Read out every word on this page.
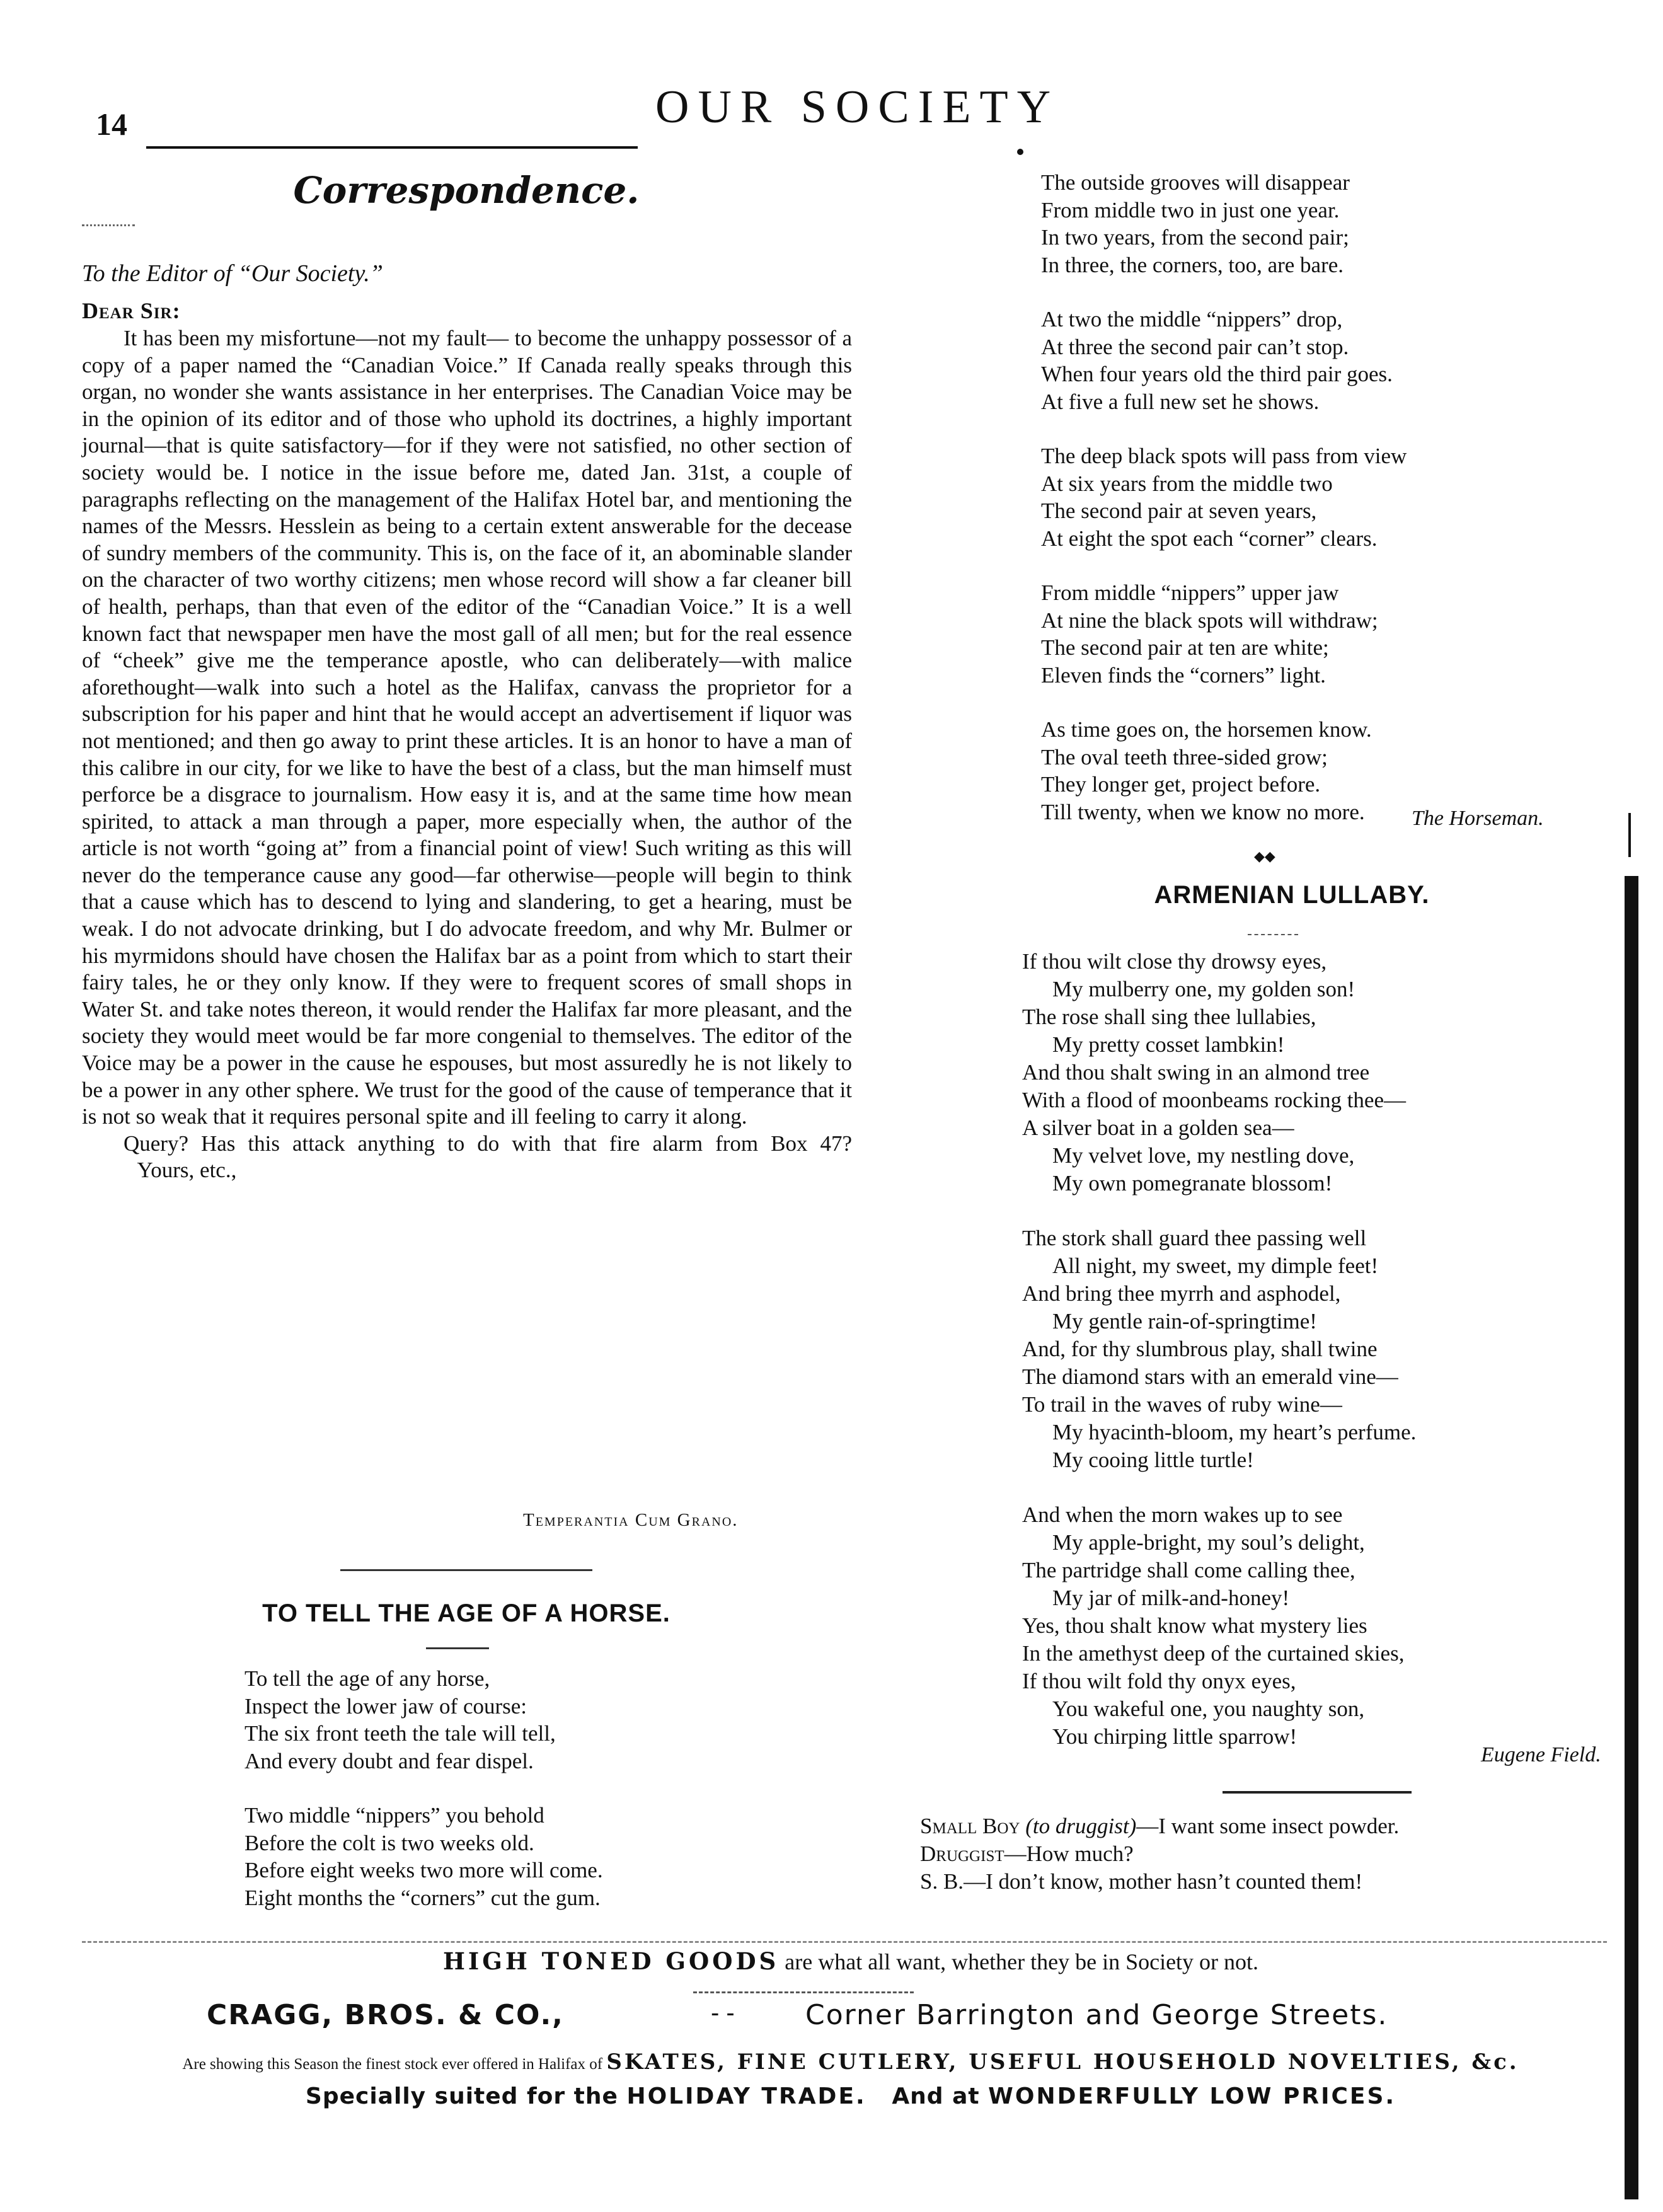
14	OUR SOCIETY
Correspondence.
To the Editor of “Our Society.”
Dear Sir:

It has been my misfortune—not my fault— to become the unhappy possessor of a copy of a paper named the “Canadian Voice.” If Canada really speaks through this organ, no wonder she wants assistance in her enterprises. The Canadian Voice may be in the opinion of its editor and of those who uphold its doctrines, a highly important journal—that is quite satisfactory—for if they were not satisfied, no other section of society would be. I notice in the issue before me, dated Jan. 31st, a couple of paragraphs reflecting on the management of the Halifax Hotel bar, and mentioning the names of the Messrs. Hesslein as being to a certain extent answerable for the decease of sundry members of the community. This is, on the face of it, an abominable slander on the character of two worthy citizens; men whose record will show a far cleaner bill of health, perhaps, than that even of the editor of the “Canadian Voice.” It is a well known fact that newspaper men have the most gall of all men; but for the real essence of “cheek” give me the temperance apostle, who can deliberately—with malice aforethought—walk into such a hotel as the Halifax, canvass the proprietor for a subscription for his paper and hint that he would accept an advertisement if liquor was not mentioned; and then go away to print these articles. It is an honor to have a man of this calibre in our city, for we like to have the best of a class, but the man himself must perforce be a disgrace to journalism. How easy it is, and at the same time how mean spirited, to attack a man through a paper, more especially when, the author of the article is not worth “going at” from a financial point of view! Such writing as this will never do the temperance cause any good—far otherwise—people will begin to think that a cause which has to descend to lying and slandering, to get a hearing, must be weak. I do not advocate drinking, but I do advocate freedom, and why Mr. Bulmer or his myrmidons should have chosen the Halifax bar as a point from which to start their fairy tales, he or they only know. If they were to frequent scores of small shops in Water St. and take notes thereon, it would render the Halifax far more pleasant, and the society they would meet would be far more congenial to themselves. The editor of the Voice may be a power in the cause he espouses, but most assuredly he is not likely to be a power in any other sphere. We trust for the good of the cause of temperance that it is not so weak that it requires personal spite and ill feeling to carry it along.

Query? Has this attack anything to do with that fire alarm from Box 47?           Yours, etc.,

Temperantia Cum Grano.
TO TELL THE AGE OF A HORSE.
To tell the age of any horse,
Inspect the lower jaw of course:
The six front teeth the tale will tell,
And every doubt and fear dispel.
Two middle “nippers” you behold
Before the colt is two weeks old.
Before eight weeks two more will come.
Eight months the “corners” cut the gum.
The outside grooves will disappear
From middle two in just one year.
In two years, from the second pair;
In three, the corners, too, are bare.
At two the middle “nippers” drop,
At three the second pair can’t stop.
When four years old the third pair goes.
At five a full new set he shows.
The deep black spots will pass from view
At six years from the middle two
The second pair at seven years,
At eight the spot each “corner” clears.
From middle “nippers” upper jaw
At nine the black spots will withdraw;
The second pair at ten are white;
Eleven finds the “corners” light.
As time goes on, the horsemen know.
The oval teeth three-sided grow;
They longer get, project before.
Till twenty, when we know no more.	The Horseman.
◆◆
ARMENIAN LULLABY.
If thou wilt close thy drowsy eyes,
My mulberry one, my golden son!
The rose shall sing thee lullabies,
My pretty cosset lambkin!
And thou shalt swing in an almond tree
With a flood of moonbeams rocking thee—
A silver boat in a golden sea—
My velvet love, my nestling dove,
My own pomegranate blossom!
The stork shall guard thee passing well
All night, my sweet, my dimple feet!
And bring thee myrrh and asphodel,
My gentle rain-of-springtime!
And, for thy slumbrous play, shall twine
The diamond stars with an emerald vine—
To trail in the waves of ruby wine—
My hyacinth-bloom, my heart’s perfume.
My cooing little turtle!
And when the morn wakes up to see
My apple-bright, my soul’s delight,
The partridge shall come calling thee,
My jar of milk-and-honey!
Yes, thou shalt know what mystery lies
In the amethyst deep of the curtained skies,
If thou wilt fold thy onyx eyes,
You wakeful one, you naughty son,
You chirping little sparrow!
Eugene Field.
Small Boy (to druggist)—I want some insect powder.
Druggist—How much?
S. B.—I don’t know, mother hasn’t counted them!
HIGH TONED GOODS are what all want, whether they be in Society or not.
CRAGG, BROS. & CO.,	- -	Corner Barrington and George Streets.
Are showing this Season the finest stock ever offered in Halifax of SKATES, FINE CUTLERY, USEFUL HOUSEHOLD NOVELTIES, &c.
Specially suited for the HOLIDAY TRADE.   And at WONDERFULLY LOW PRICES.
